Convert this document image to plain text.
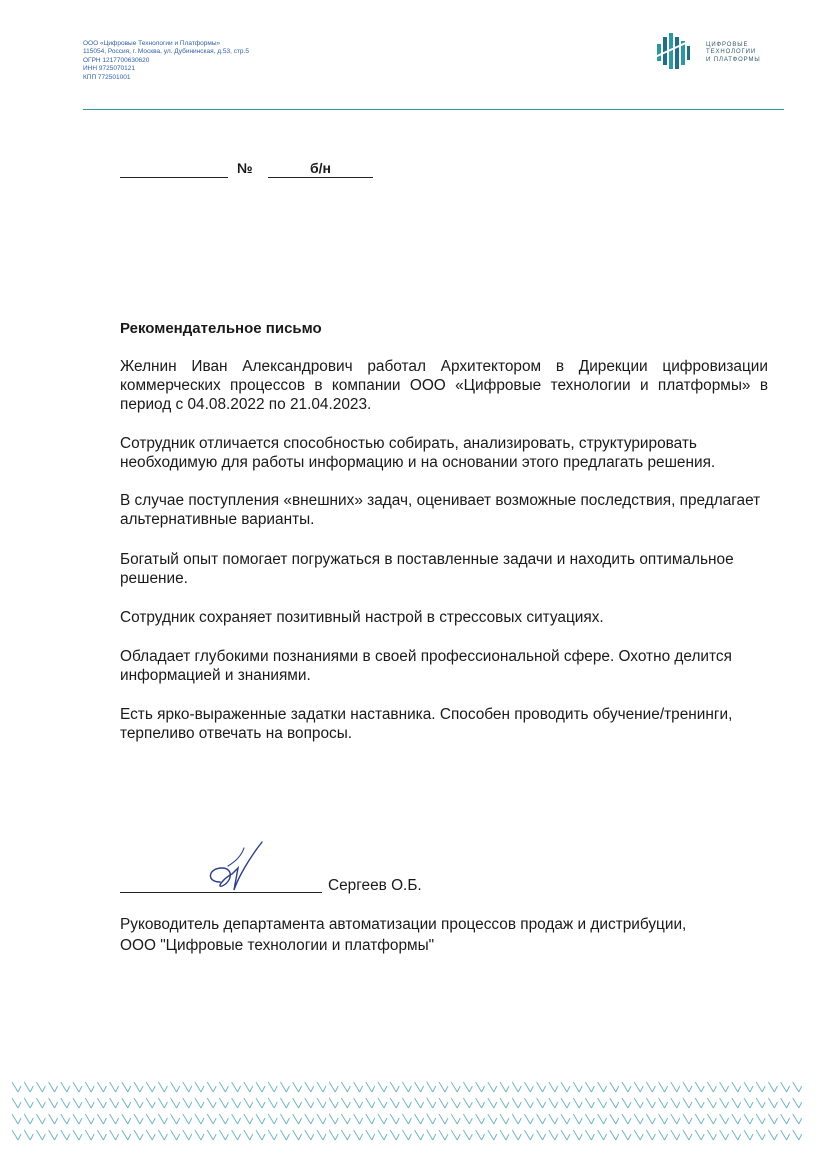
ООО «Цифровые Технологии и Платформы»
115054, Россия, г. Москва, ул. Дубининская, д.53, стр.5
ОГРН 1217700630620
ИНН 9725070121
КПП 772501001
ЦИФРОВЫЕ
ТЕХНОЛОГИИ
И ПЛАТФОРМЫ
№	б/н
Рекомендательное письмо

Желнин Иван Александрович работал Архитектором в Дирекции цифровизации коммерческих процессов в компании ООО «Цифровые технологии и платформы» в период с 04.08.2022 по 21.04.2023.

Сотрудник отличается способностью собирать, анализировать, структурировать необходимую для работы информацию и на основании этого предлагать решения.

В случае поступления «внешних» задач, оценивает возможные последствия, предлагает альтернативные варианты.

Богатый опыт помогает погружаться в поставленные задачи и находить оптимальное решение.

Сотрудник сохраняет позитивный настрой в стрессовых ситуациях.

Обладает глубокими познаниями в своей профессиональной сфере. Охотно делится информацией и знаниями.

Есть ярко-выраженные задатки наставника. Способен проводить обучение/тренинги, терпеливо отвечать на вопросы.

Сергеев О.Б.
Руководитель департамента автоматизации процессов продаж и дистрибуции,
ООО "Цифровые технологии и платформы"
